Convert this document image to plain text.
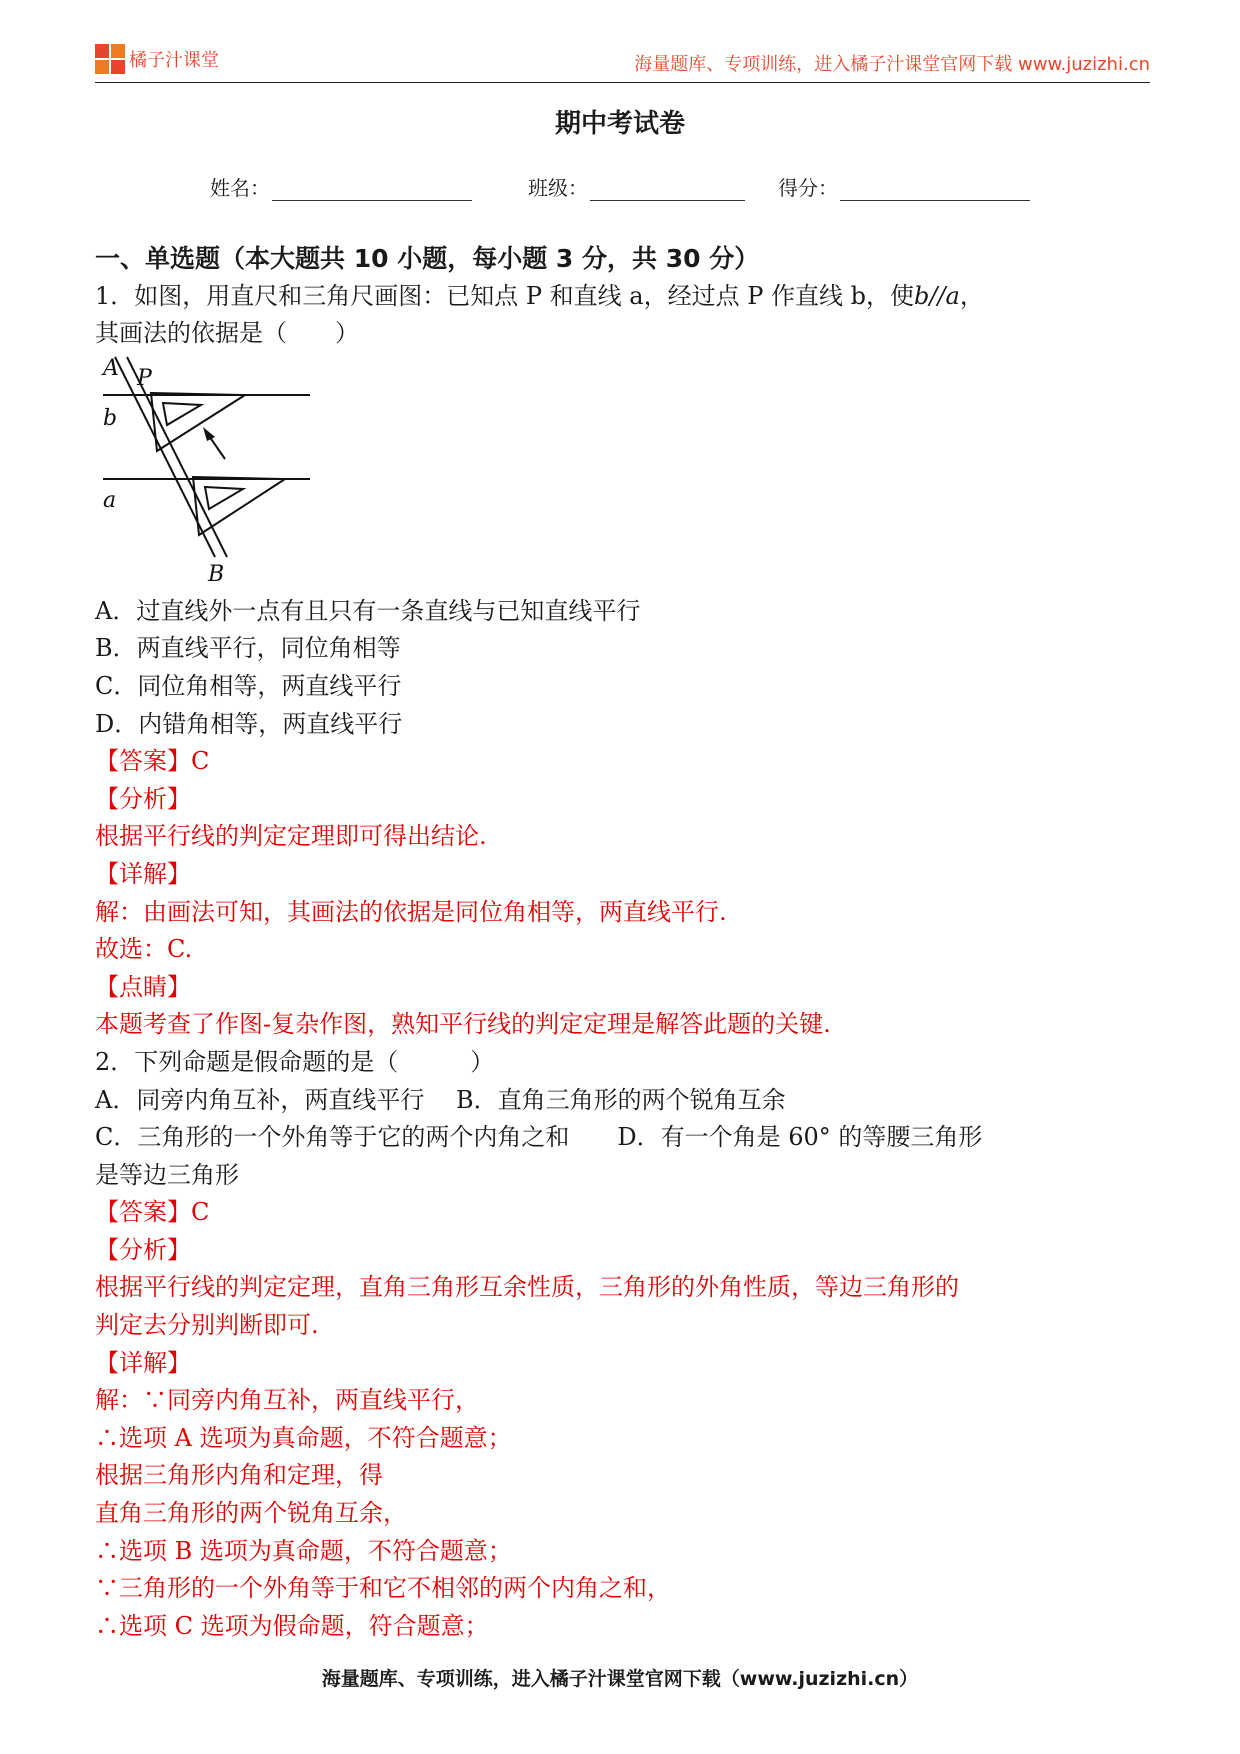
橘子汁课堂	海量题库、专项训练，进入橘子汁课堂官网下载 www.juzizhi.cn
期中考试卷
姓名：	班级：	得分：
一、单选题（本大题共 10 小题，每小题 3 分，共 30 分）
1．如图，用直尺和三角尺画图：已知点 P 和直线 a，经过点 P 作直线 b，使b//a，
其画法的依据是（　　）
A P
b
a
B
A．过直线外一点有且只有一条直线与已知直线平行
B．两直线平行，同位角相等
C．同位角相等，两直线平行
D．内错角相等，两直线平行
【答案】C
【分析】
根据平行线的判定定理即可得出结论.
【详解】
解：由画法可知，其画法的依据是同位角相等，两直线平行.
故选：C.
【点睛】
本题考查了作图-复杂作图，熟知平行线的判定定理是解答此题的关键.
2．下列命题是假命题的是（　　　）
A．同旁内角互补，两直线平行　 B．直角三角形的两个锐角互余
C．三角形的一个外角等于它的两个内角之和　　D．有一个角是 60° 的等腰三角形
是等边三角形
【答案】C
【分析】
根据平行线的判定定理，直角三角形互余性质，三角形的外角性质，等边三角形的
判定去分别判断即可.
【详解】
解：∵同旁内角互补，两直线平行，
∴选项 A 选项为真命题，不符合题意；
根据三角形内角和定理，得
直角三角形的两个锐角互余，
∴选项 B 选项为真命题，不符合题意；
∵三角形的一个外角等于和它不相邻的两个内角之和，
∴选项 C 选项为假命题，符合题意；
海量题库、专项训练，进入橘子汁课堂官网下载（www.juzizhi.cn）
